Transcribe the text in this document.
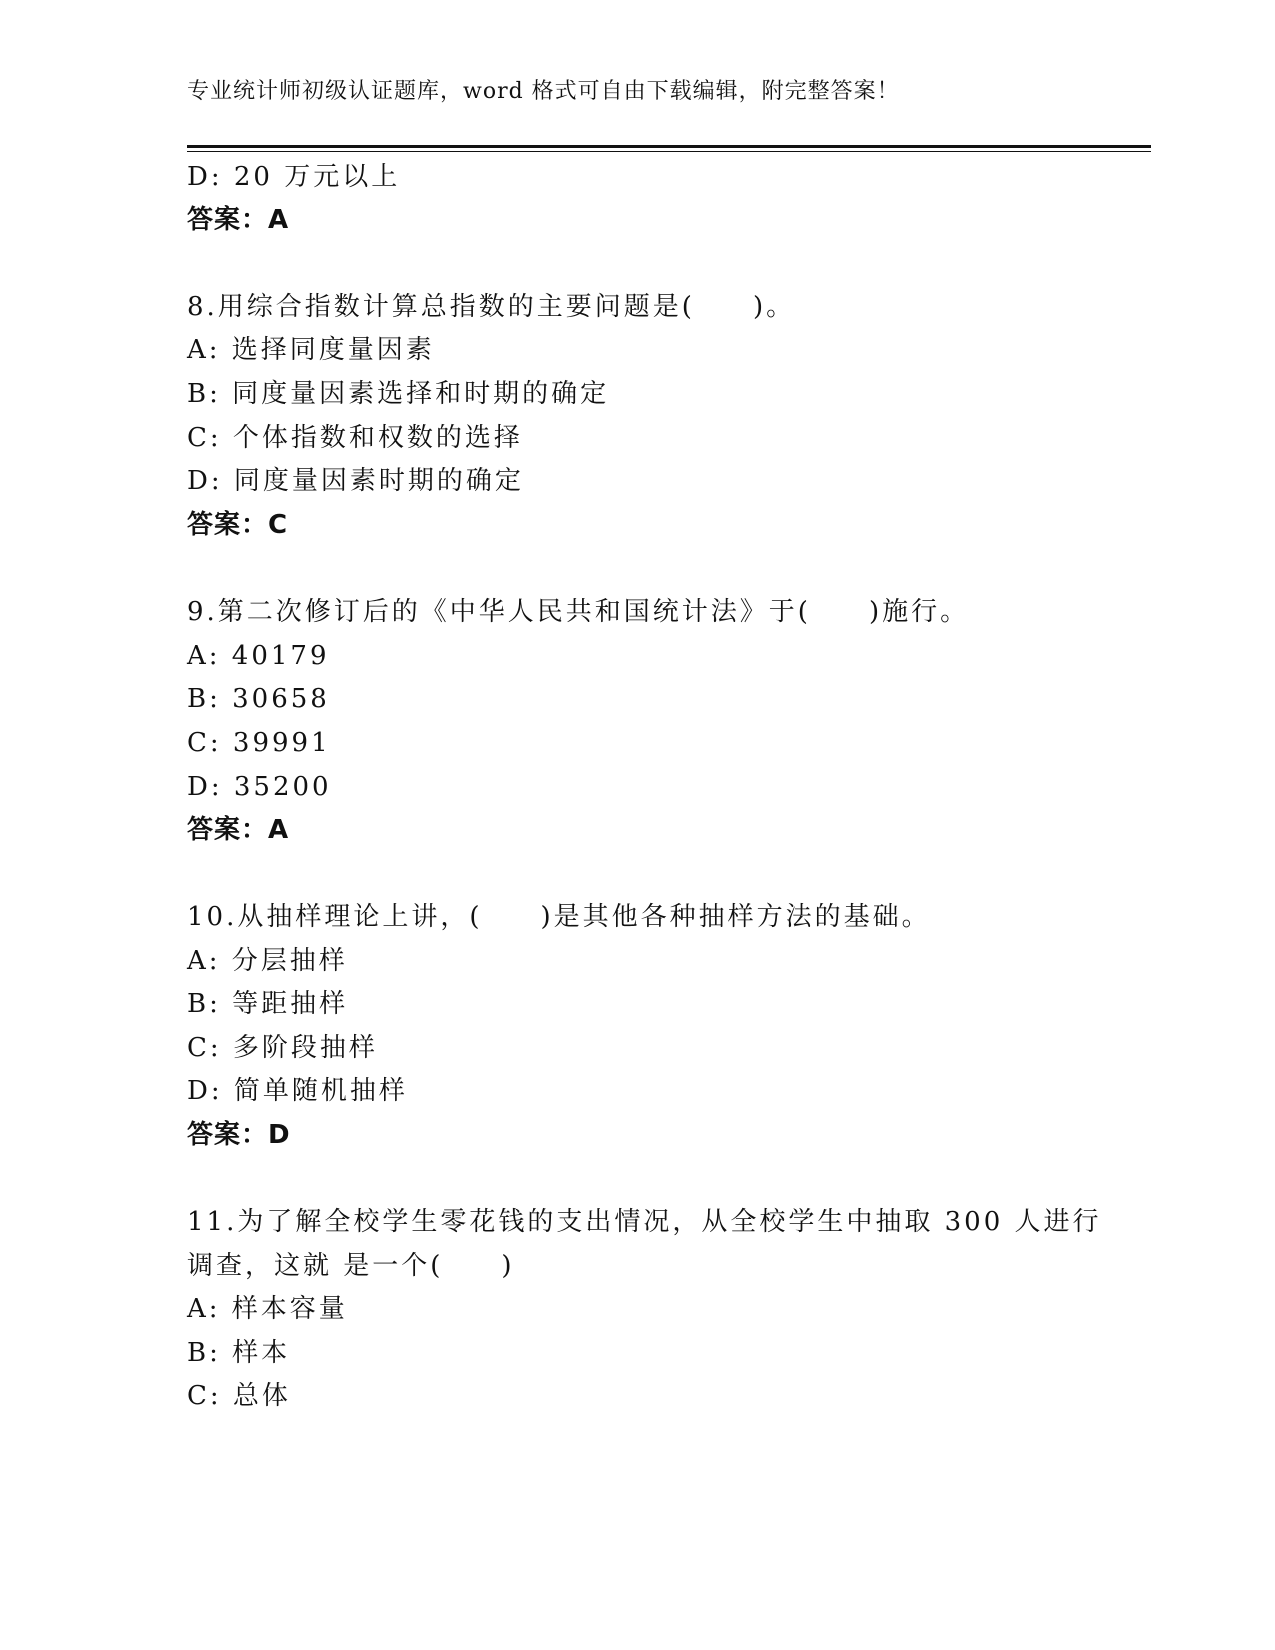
专业统计师初级认证题库，word 格式可自由下载编辑，附完整答案！
D: 20 万元以上
答案：A
8.用综合指数计算总指数的主要问题是(　　)。
A: 选择同度量因素
B: 同度量因素选择和时期的确定
C: 个体指数和权数的选择
D: 同度量因素时期的确定
答案：C
9.第二次修订后的《中华人民共和国统计法》于(　　)施行。
A: 40179
B: 30658
C: 39991
D: 35200
答案：A
10.从抽样理论上讲，(　　)是其他各种抽样方法的基础。
A: 分层抽样
B: 等距抽样
C: 多阶段抽样
D: 简单随机抽样
答案：D
11.为了解全校学生零花钱的支出情况，从全校学生中抽取 300 人进行
调查，这就 是一个(　　)
A: 样本容量
B: 样本
C: 总体
